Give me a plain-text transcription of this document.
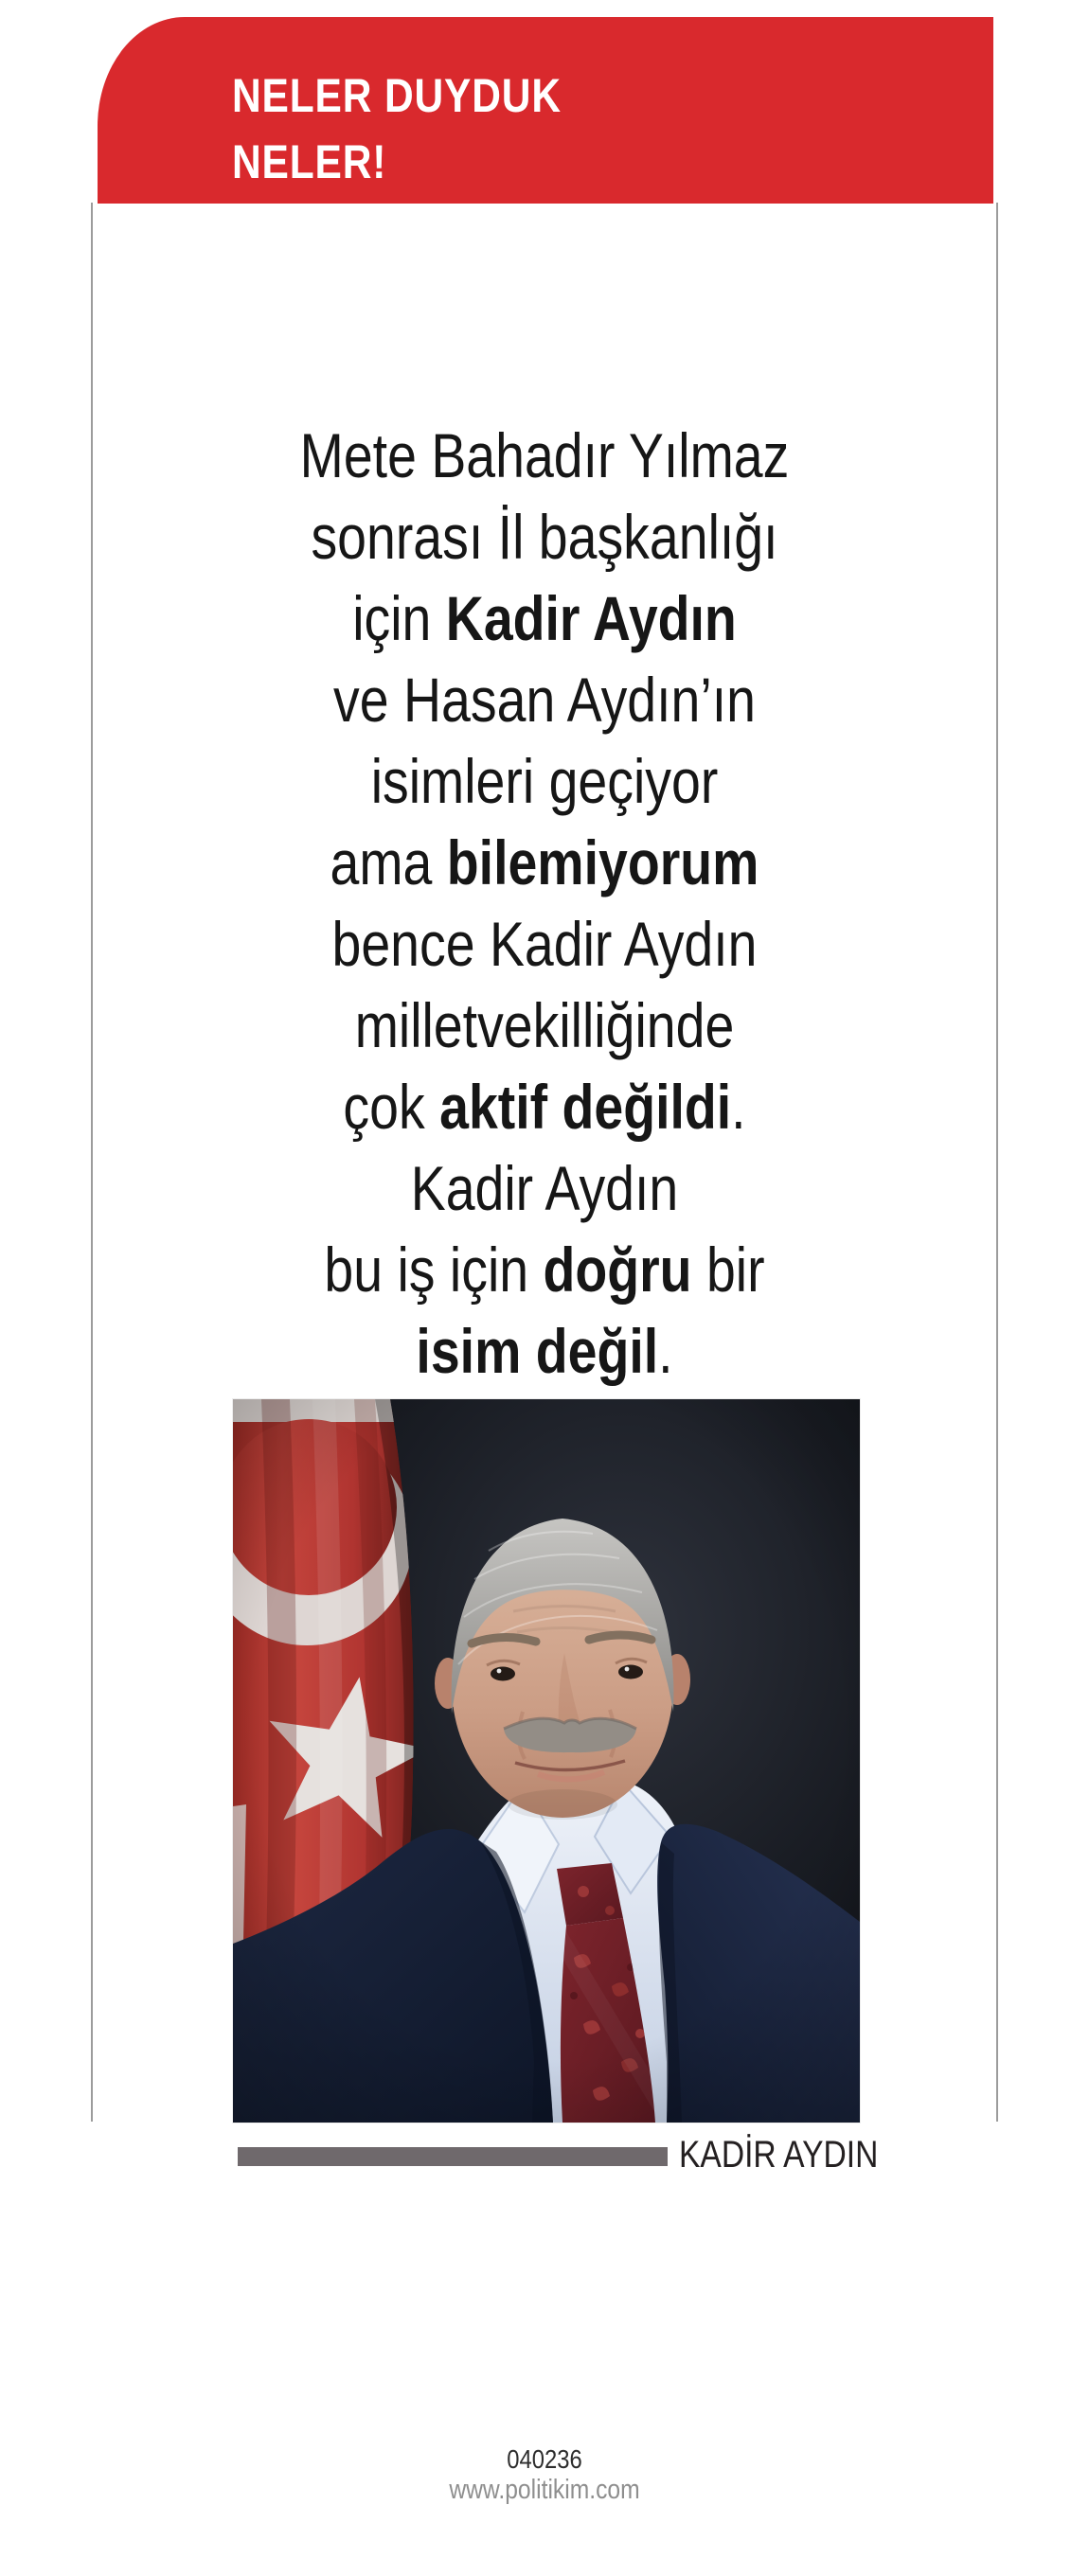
NELER DUYDUK
NELER!
Mete Bahadır Yılmaz
sonrası İl başkanlığı
için Kadir Aydın
ve Hasan Aydın’ın
isimleri geçiyor
ama bilemiyorum
bence Kadir Aydın
milletvekilliğinde
çok aktif değildi.
Kadir Aydın
bu iş için doğru bir
isim değil.
KADİR AYDIN
040236
www.politikim.com
